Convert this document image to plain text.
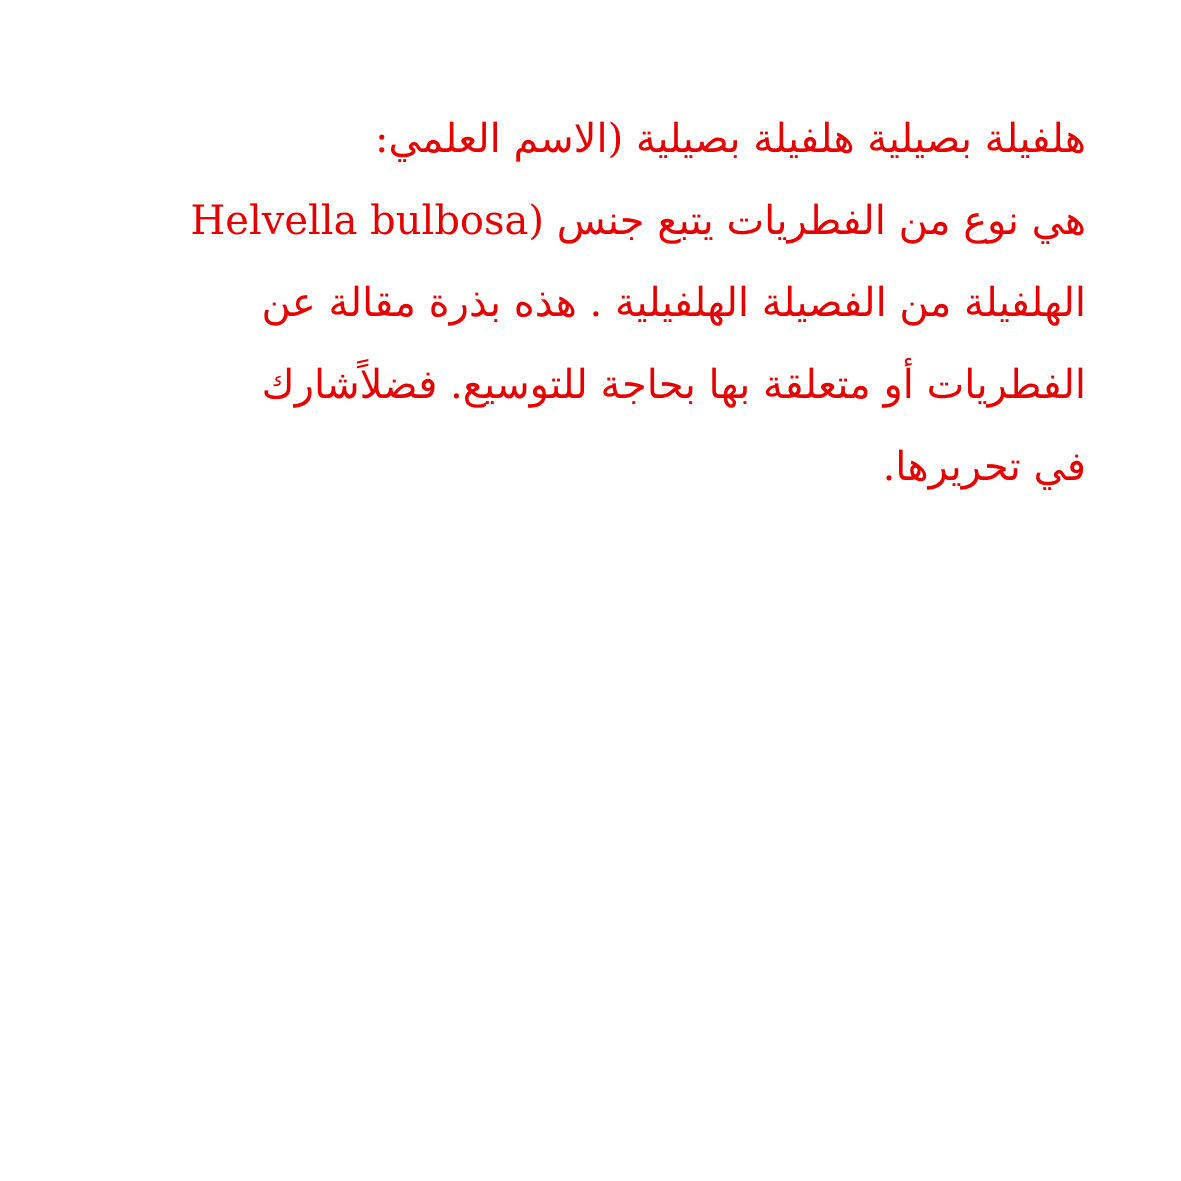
هلفيلة بصيلية هلفيلة بصيلية (الاسم العلمي:
Helvella bulbosa) هي نوع من الفطريات يتبع جنس
الهلفيلة من الفصيلة الهلفيلية . هذه بذرة مقالة عن
الفطريات أو متعلقة بها بحاجة للتوسيع. فضلاًشارك
في تحريرها.
